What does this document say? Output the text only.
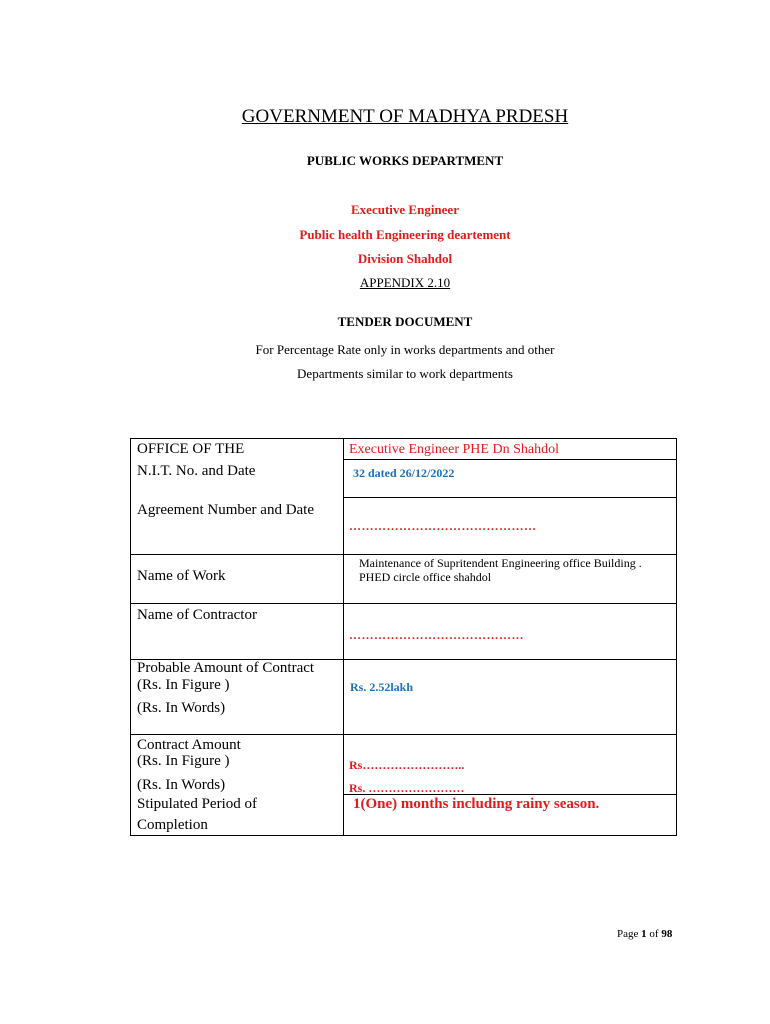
GOVERNMENT OF MADHYA PRDESH
PUBLIC WORKS DEPARTMENT
Executive Engineer
Public health Engineering deartement
Division Shahdol
APPENDIX 2.10
TENDER DOCUMENT
For Percentage Rate only in works departments and other
Departments similar to work departments
OFFICE OF THE
N.I.T. No. and Date
Agreement Number and Date
Name of Work
Name of Contractor
Probable Amount of Contract
(Rs. In Figure )
(Rs. In Words)
Contract Amount
(Rs. In Figure )
(Rs. In Words)
Stipulated Period of
Completion
Executive Engineer PHE Dn Shahdol
32 dated 26/12/2022
………………………………………
Maintenance of Supritendent Engineering office Building .
PHED circle office shahdol
……………………………………
Rs. 2.52lakh
Rs……………………..
Rs. ……………………
1(One) months including rainy season.
Page 1 of 98
